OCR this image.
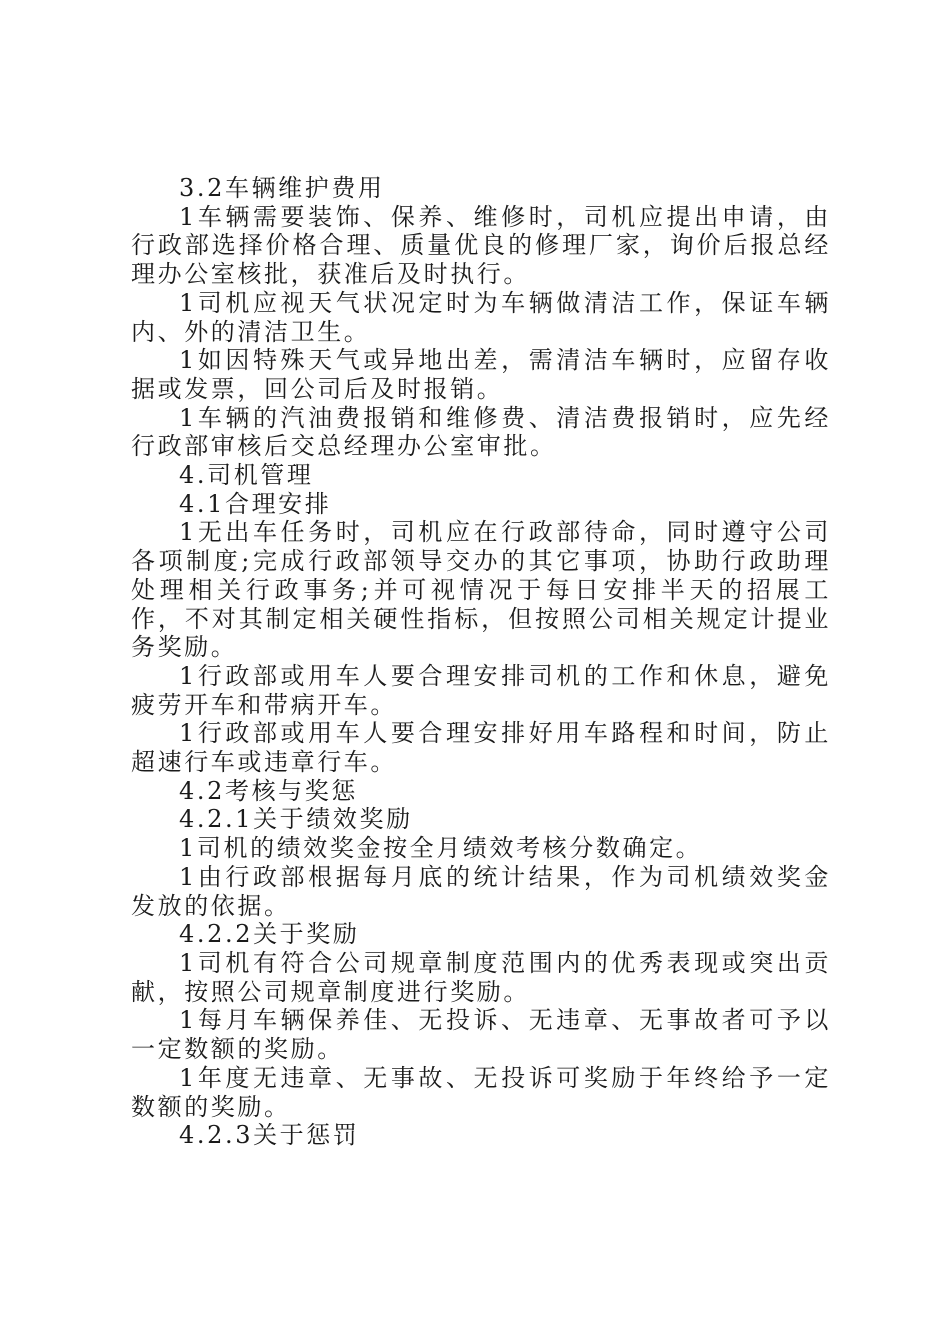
3.2车辆维护费用

1车辆需要装饰、保养、维修时，司机应提出申请，由行政部选择价格合理、质量优良的修理厂家，询价后报总经理办公室核批，获准后及时执行。

1司机应视天气状况定时为车辆做清洁工作，保证车辆内、外的清洁卫生。

1如因特殊天气或异地出差，需清洁车辆时，应留存收据或发票，回公司后及时报销。

1车辆的汽油费报销和维修费、清洁费报销时，应先经行政部审核后交总经理办公室审批。

4.司机管理

4.1合理安排

1无出车任务时，司机应在行政部待命，同时遵守公司各项制度;完成行政部领导交办的其它事项，协助行政助理处理相关行政事务;并可视情况于每日安排半天的招展工作，不对其制定相关硬性指标，但按照公司相关规定计提业务奖励。

1行政部或用车人要合理安排司机的工作和休息，避免疲劳开车和带病开车。

1行政部或用车人要合理安排好用车路程和时间，防止超速行车或违章行车。

4.2考核与奖惩

4.2.1关于绩效奖励

1司机的绩效奖金按全月绩效考核分数确定。

1由行政部根据每月底的统计结果，作为司机绩效奖金发放的依据。

4.2.2关于奖励

1司机有符合公司规章制度范围内的优秀表现或突出贡献，按照公司规章制度进行奖励。

1每月车辆保养佳、无投诉、无违章、无事故者可予以一定数额的奖励。

1年度无违章、无事故、无投诉可奖励于年终给予一定数额的奖励。

4.2.3关于惩罚
